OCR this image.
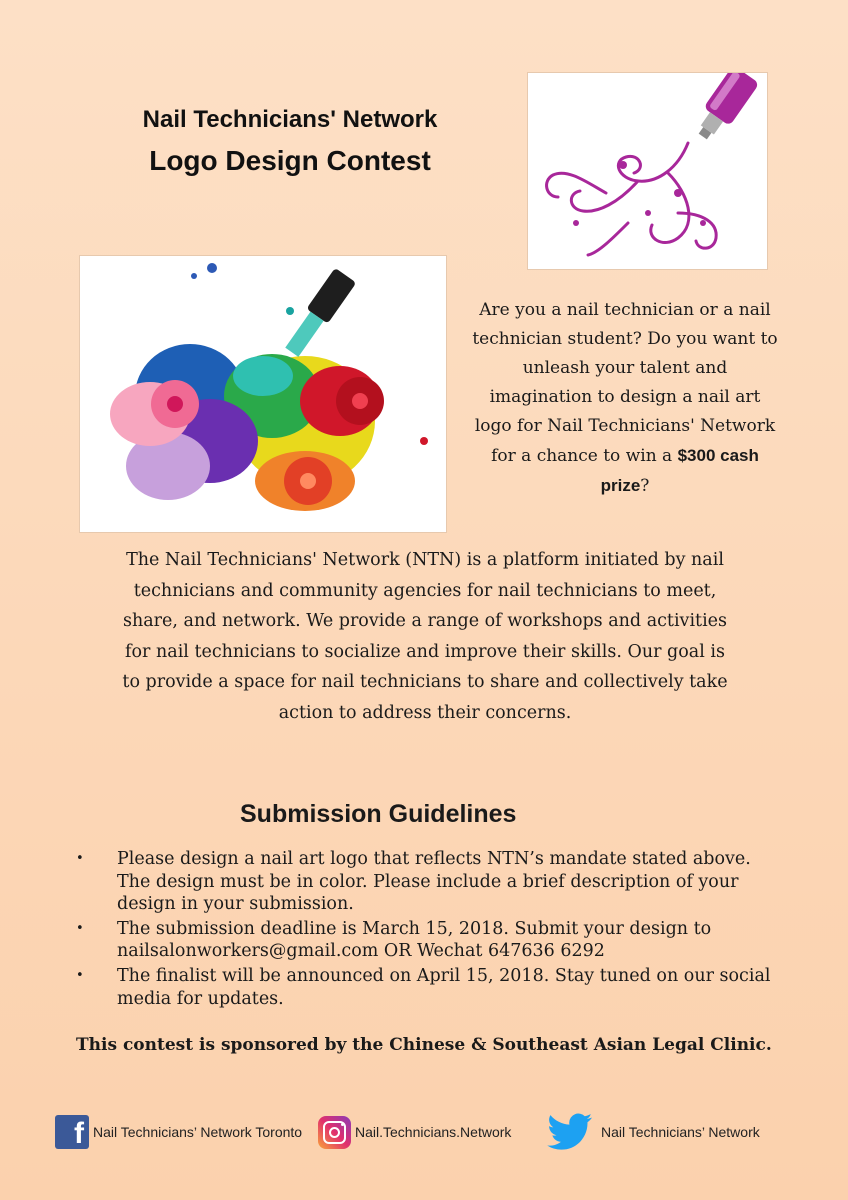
Nail Technicians' Network
Logo Design Contest
Are you a nail technician or a nail technician student? Do you want to unleash your talent and imagination to design a nail art logo for Nail Technicians' Network for a chance to win a $300 cash prize?
The Nail Technicians' Network (NTN) is a platform initiated by nail technicians and community agencies for nail technicians to meet, share, and network. We provide a range of workshops and activities for nail technicians to socialize and improve their skills. Our goal is to provide a space for nail technicians to share and collectively take action to address their concerns.
Submission Guidelines
• Please design a nail art logo that reflects NTN’s mandate stated above. The design must be in color. Please include a brief description of your design in your submission.
• The submission deadline is March 15, 2018. Submit your design to nailsalonworkers@gmail.com OR Wechat 647636 6292
• The finalist will be announced on April 15, 2018. Stay tuned on our social media for updates.
This contest is sponsored by the Chinese & Southeast Asian Legal Clinic.
f Nail Technicians’ Network Toronto	Nail.Technicians.Network	Nail Technicians’ Network
